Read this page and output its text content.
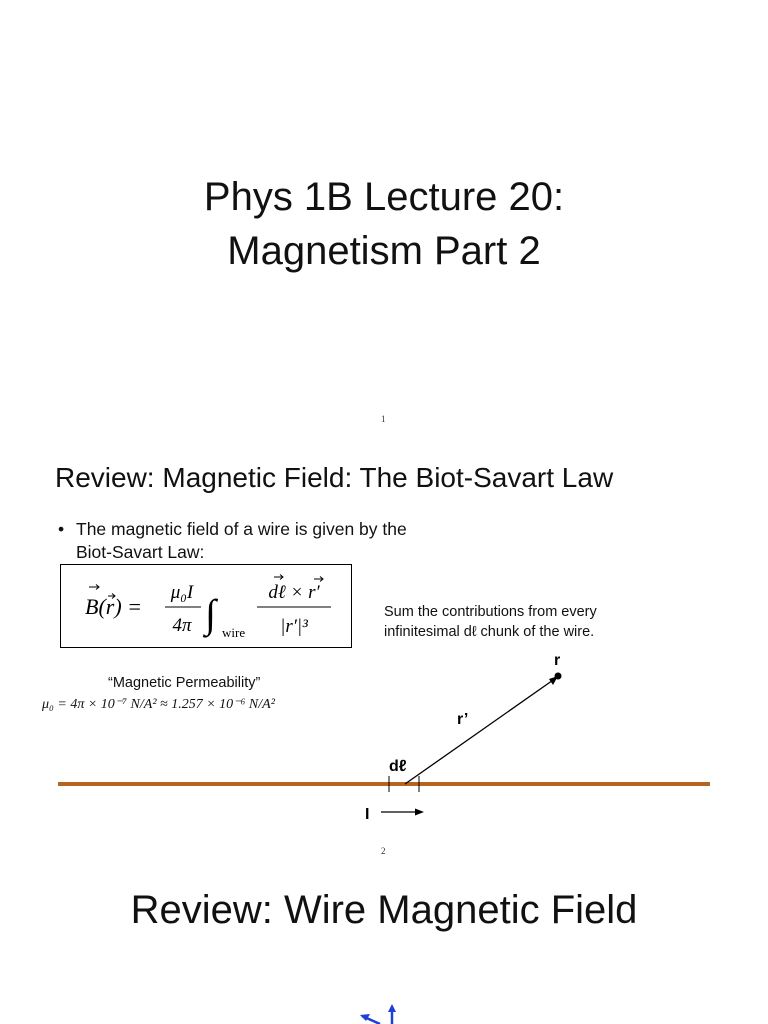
Phys 1B Lecture 20:
Magnetism Part 2
1
Review: Magnetic Field: The Biot-Savart Law
• The magnetic field of a wire is given by the Biot-Savart Law:
B(r) =
μ₀I
4π ∫ wire
dℓ × r′
|r′|³
Sum the contributions from every infinitesimal dℓ chunk of the wire.
“Magnetic Permeability”
μ₀ = 4π × 10⁻⁷ N/A² ≈ 1.257 × 10⁻⁶ N/A²
r
r’
dℓ
I
2
Review: Wire Magnetic Field
